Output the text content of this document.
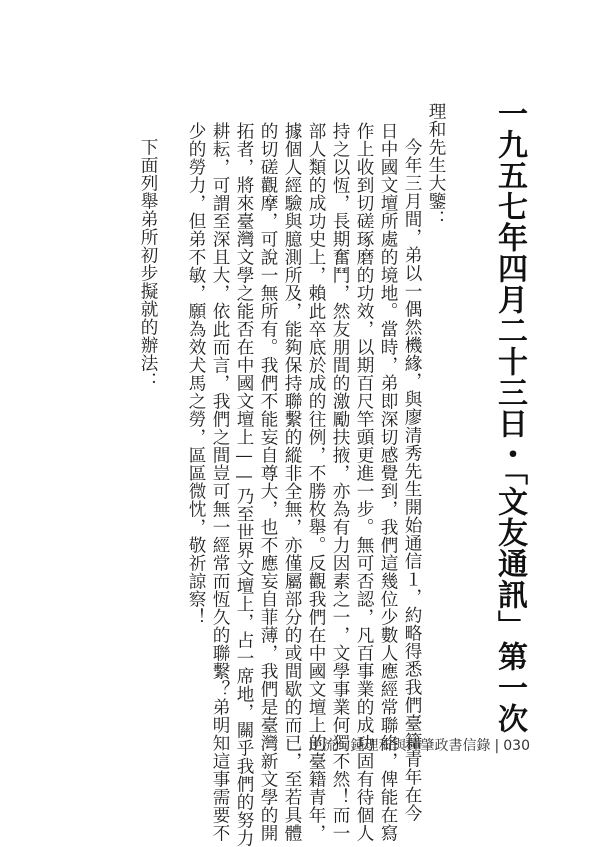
一九五七年四月二十三日・「文友通訊」第一次
理和先生大鑒：
今年三月間，弟以一偶然機緣，與廖清秀先生開始通信１，約略得悉我們臺籍青年在今
日中國文壇所處的境地。當時，弟即深切感覺到，我們這幾位少數人應經常聯絡，俾能在寫
作上收到切磋琢磨的功效，以期百尺竿頭更進一步。無可否認，凡百事業的成功固有待個人
持之以恆，長期奮鬥，然友朋間的激勵扶掖，亦為有力因素之一，文學事業何獨不然！而一
部人類的成功史上，賴此卒底於成的往例，不勝枚舉。反觀我們在中國文壇上的臺籍青年，
據個人經驗與臆測所及，能夠保持聯繫的縱非全無，亦僅屬部分的或間歇的而已，至若具體
的切磋觀摩，可說一無所有。我們不能妄自尊大，也不應妄自菲薄，我們是臺灣新文學的開
拓者，將來臺灣文學之能否在中國文壇上——乃至世界文壇上，占一席地，關乎我們的努力
耕耘，可謂至深且大，依此而言，我們之間豈可無一經常而恆久的聯繫？弟明知這事需要不
少的勞力，但弟不敏，願為效犬馬之勞，區區微忱，敬祈諒察！
下面列舉弟所初步擬就的辦法：
逆流：鍾理和與鍾肇政書信錄 | 030
